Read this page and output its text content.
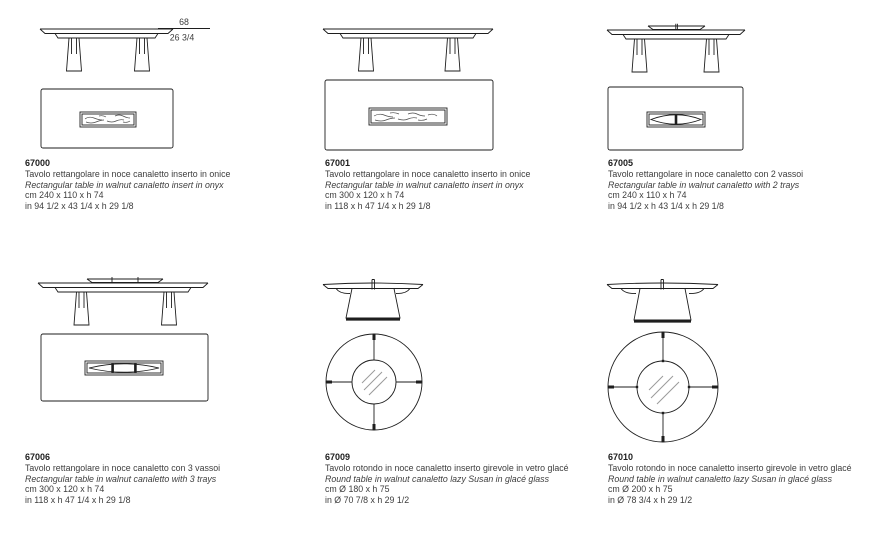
68
26 3/4
67000
Tavolo rettangolare in noce canaletto inserto in onice
Rectangular table in walnut canaletto insert in onyx
cm 240 x 110 x h 74
in 94 1/2 x 43 1/4 x h 29 1/8
67001
Tavolo rettangolare in noce canaletto inserto in onice
Rectangular table in walnut canaletto insert in onyx
cm 300 x 120 x h 74
in 118 x h 47 1/4 x h 29 1/8
67005
Tavolo rettangolare in noce canaletto con 2 vassoi
Rectangular table in walnut canaletto with 2 trays
cm 240 x 110 x h 74
in 94 1/2 x h 43 1/4 x h 29 1/8
67006
Tavolo rettangolare in noce canaletto con 3 vassoi
Rectangular table in walnut canaletto with 3 trays
cm 300 x 120 x h 74
in 118 x h 47 1/4 x h 29 1/8
67009
Tavolo rotondo in noce canaletto inserto girevole in vetro glacé
Round table in walnut canaletto lazy Susan in glacé glass
cm Ø 180 x h 75
in Ø 70 7/8 x h 29 1/2
67010
Tavolo rotondo in noce canaletto inserto girevole in vetro glacé
Round table in walnut canaletto lazy Susan in glacé glass
cm Ø 200 x h 75
in Ø 78 3/4 x h 29 1/2
